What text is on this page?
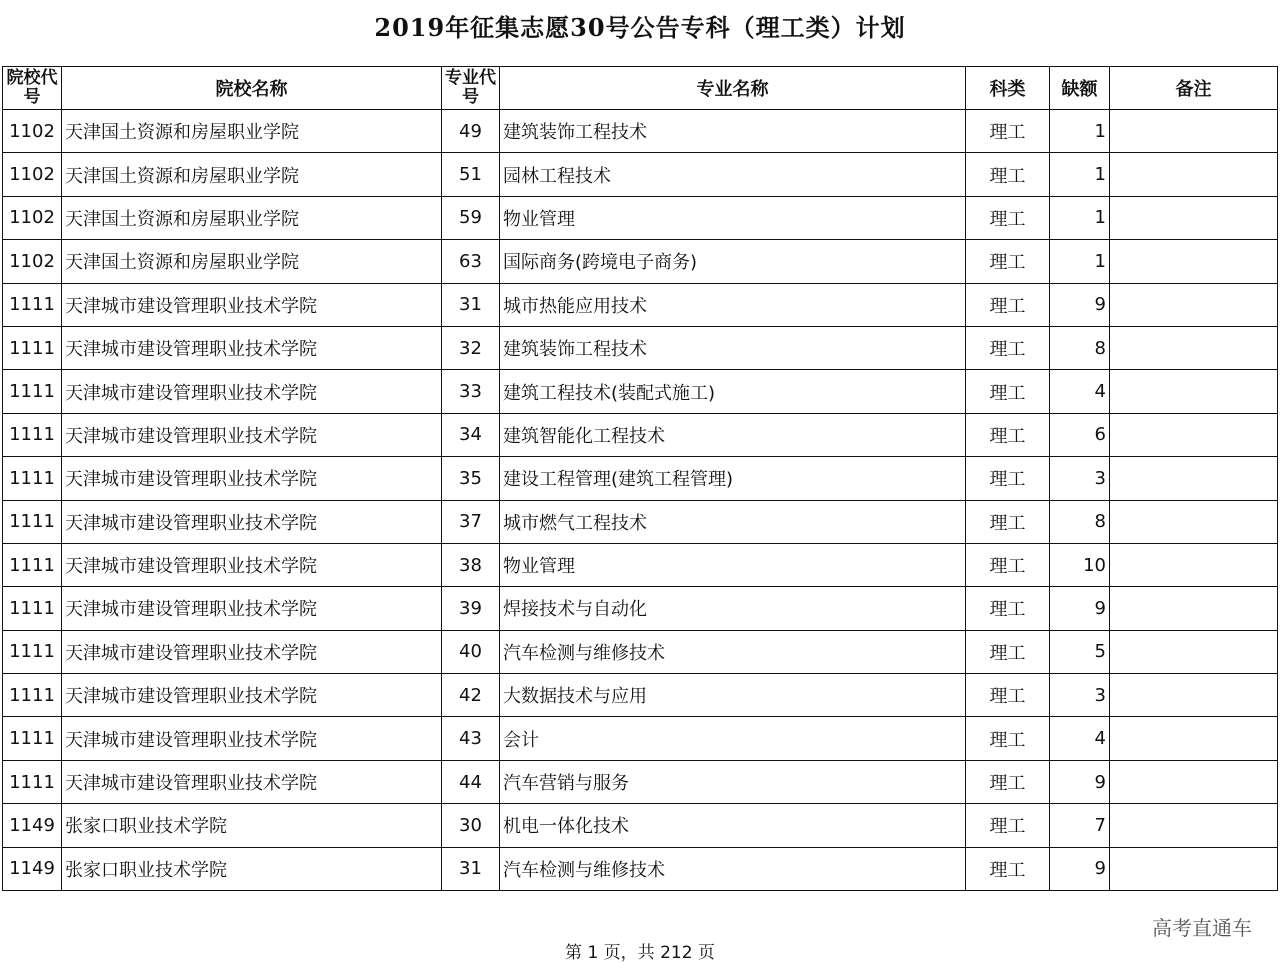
2019年征集志愿30号公告专科（理工类）计划
院校代号	院校名称	专业代号	专业名称	科类	缺额	备注
1102	天津国土资源和房屋职业学院	49	建筑装饰工程技术	理工	1	
1102	天津国土资源和房屋职业学院	51	园林工程技术	理工	1	
1102	天津国土资源和房屋职业学院	59	物业管理	理工	1	
1102	天津国土资源和房屋职业学院	63	国际商务(跨境电子商务)	理工	1	
1111	天津城市建设管理职业技术学院	31	城市热能应用技术	理工	9	
1111	天津城市建设管理职业技术学院	32	建筑装饰工程技术	理工	8	
1111	天津城市建设管理职业技术学院	33	建筑工程技术(装配式施工)	理工	4	
1111	天津城市建设管理职业技术学院	34	建筑智能化工程技术	理工	6	
1111	天津城市建设管理职业技术学院	35	建设工程管理(建筑工程管理)	理工	3	
1111	天津城市建设管理职业技术学院	37	城市燃气工程技术	理工	8	
1111	天津城市建设管理职业技术学院	38	物业管理	理工	10	
1111	天津城市建设管理职业技术学院	39	焊接技术与自动化	理工	9	
1111	天津城市建设管理职业技术学院	40	汽车检测与维修技术	理工	5	
1111	天津城市建设管理职业技术学院	42	大数据技术与应用	理工	3	
1111	天津城市建设管理职业技术学院	43	会计	理工	4	
1111	天津城市建设管理职业技术学院	44	汽车营销与服务	理工	9	
1149	张家口职业技术学院	30	机电一体化技术	理工	7	
1149	张家口职业技术学院	31	汽车检测与维修技术	理工	9	
高考直通车
第 1 页，共 212 页
